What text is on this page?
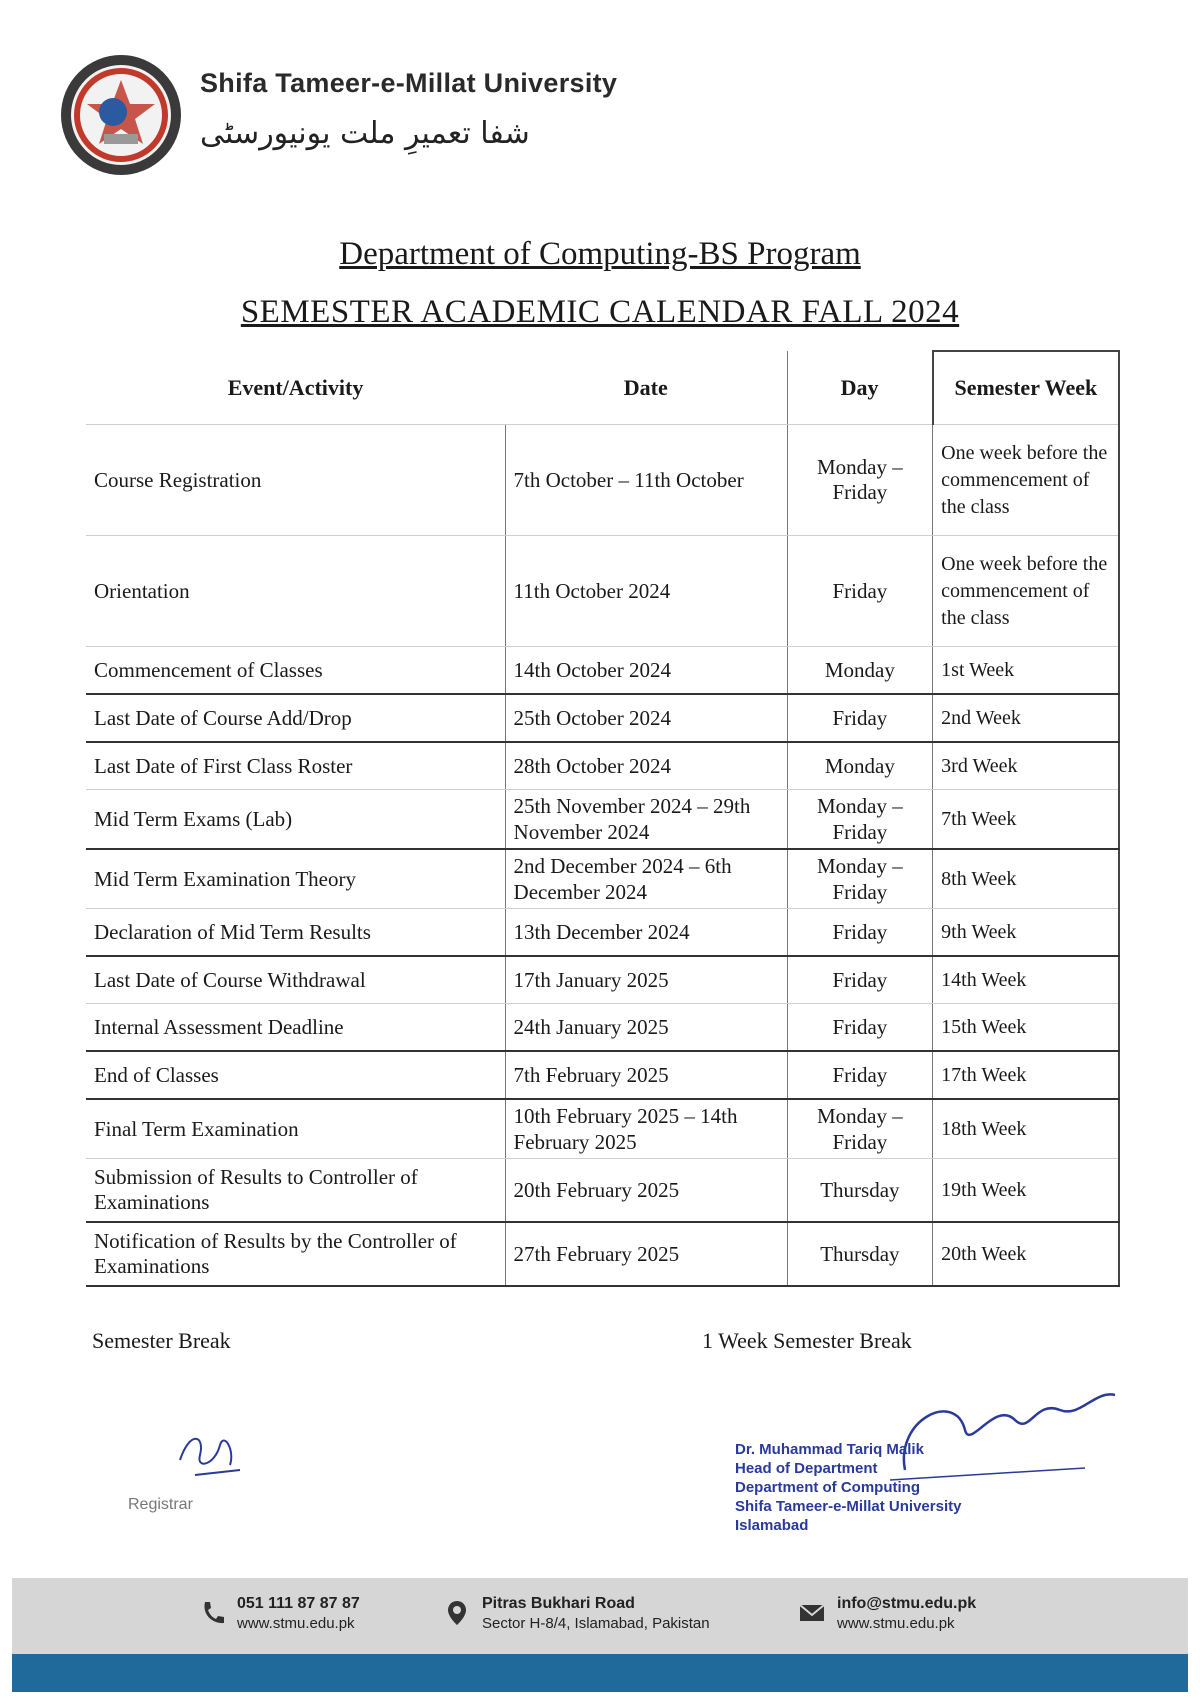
Shifa Tameer-e-Millat University
شفا تعمیرِ ملت یونیورسٹی
Department of Computing-BS Program
SEMESTER ACADEMIC CALENDAR FALL 2024
Event/Activity	Date	Day	Semester Week
Course Registration	7th October – 11th October	Monday – Friday	One week before the commencement of the class
Orientation	11th October 2024	Friday	One week before the commencement of the class
Commencement of Classes	14th October 2024	Monday	1st Week
Last Date of Course Add/Drop	25th October 2024	Friday	2nd Week
Last Date of First Class Roster	28th October 2024	Monday	3rd Week
Mid Term Exams (Lab)	25th November 2024 – 29th November 2024	Monday – Friday	7th Week
Mid Term Examination Theory	2nd December 2024 – 6th December 2024	Monday – Friday	8th Week
Declaration of Mid Term Results	13th December 2024	Friday	9th Week
Last Date of Course Withdrawal	17th January 2025	Friday	14th Week
Internal Assessment Deadline	24th January 2025	Friday	15th Week
End of Classes	7th February 2025	Friday	17th Week
Final Term Examination	10th February 2025 – 14th February 2025	Monday – Friday	18th Week
Submission of Results to Controller of Examinations	20th February 2025	Thursday	19th Week
Notification of Results by the Controller of Examinations	27th February 2025	Thursday	20th Week
Semester Break	1 Week Semester Break
Registrar
Dr. Muhammad Tariq Malik
Head of Department
Department of Computing
Shifa Tameer-e-Millat University
Islamabad
051 111 87 87 87
www.stmu.edu.pk
Pitras Bukhari Road
Sector H-8/4, Islamabad, Pakistan
info@stmu.edu.pk
www.stmu.edu.pk
